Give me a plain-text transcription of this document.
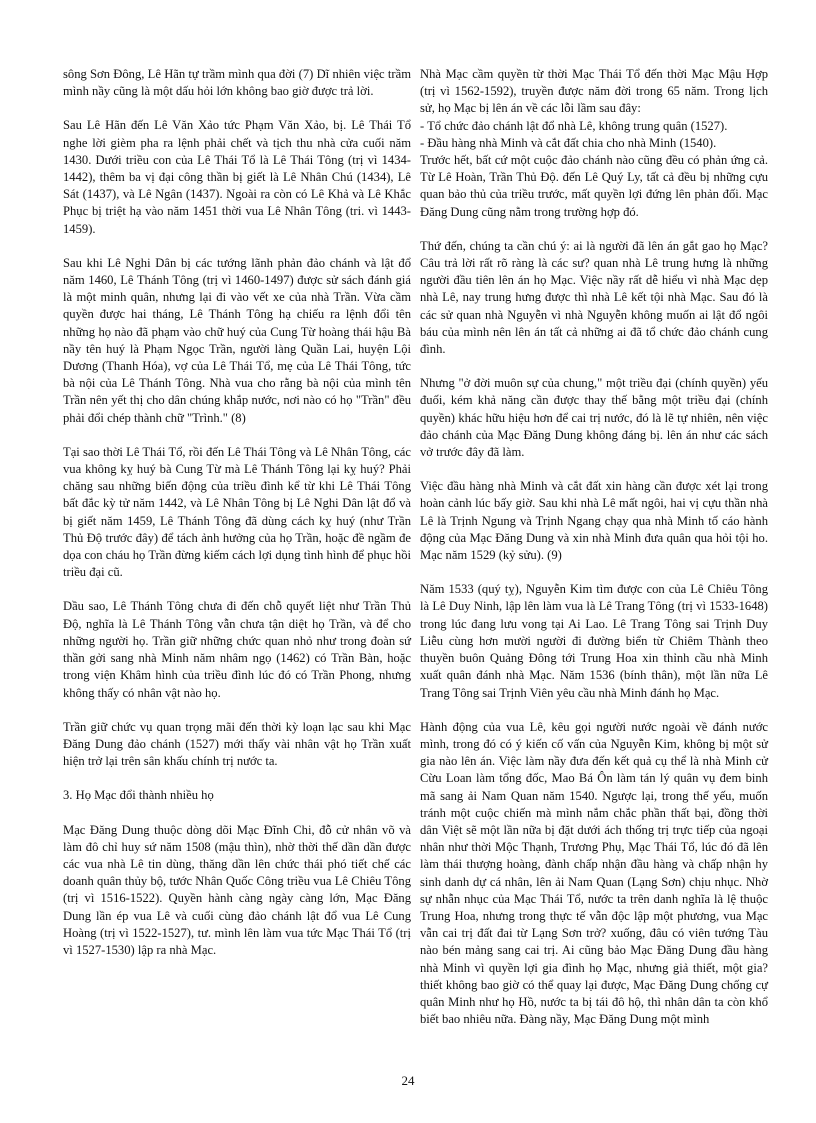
sông Sơn Đông, Lê Hãn tự trầm mình qua đời (7) Dĩ nhiên việc trầm mình nầy cũng là một dấu hỏi lớn không bao giờ được trả lời.

Sau Lê Hãn đến Lê Văn Xảo tức Phạm Văn Xảo, bị. Lê Thái Tổ nghe lời gièm pha ra lệnh phải chết và tịch thu nhà cửa cuối năm 1430. Dưới triều con của Lê Thái Tổ là Lê Thái Tông (trị vì 1434-1442), thêm ba vị đại công thần bị giết là Lê Nhân Chú (1434), Lê Sát (1437), và Lê Ngân (1437). Ngoài ra còn có Lê Khả và Lê Khắc Phục bị triệt hạ vào năm 1451 thời vua Lê Nhân Tông (tri. vì 1443-1459).

Sau khi Lê Nghi Dân bị các tướng lãnh phản đảo chánh và lật đổ năm 1460, Lê Thánh Tông (trị vì 1460-1497) được sử sách đánh giá là một minh quân, nhưng lại đi vào vết xe của nhà Trần. Vừa cầm quyền được hai tháng, Lê Thánh Tông hạ chiếu ra lệnh đổi tên những họ nào đã phạm vào chữ huý của Cung Từ hoàng thái hậu Bà nầy tên huý là Phạm Ngọc Trần, người làng Quần Lai, huyện Lội Dương (Thanh Hóa), vợ của Lê Thái Tổ, mẹ của Lê Thái Tông, tức bà nội của Lê Thánh Tông. Nhà vua cho rằng bà nội của mình tên Trần nên yết thị cho dân chúng khắp nước, nơi nào có họ "Trần" đều phải đổi chép thành chữ "Trình." (8)

Tại sao thời Lê Thái Tổ, rồi đến Lê Thái Tông và Lê Nhân Tông, các vua không kỵ huý bà Cung Từ mà Lê Thánh Tông lại kỵ huý? Phải chăng sau những biến động của triều đình kể từ khi Lê Thái Tông bất đắc kỳ tử năm 1442, và Lê Nhân Tông bị Lê Nghi Dân lật đổ và bị giết năm 1459, Lê Thánh Tông đã dùng cách kỵ huý (như Trần Thủ Độ trước đây) để tách ảnh hưởng của họ Trần, hoặc đề ngầm đe dọa con cháu họ Trần đừng kiếm cách lợi dụng tình hình để phục hồi triều đại cũ.

Dầu sao, Lê Thánh Tông chưa đi đến chỗ quyết liệt như Trần Thủ Độ, nghĩa là Lê Thánh Tông vẫn chưa tận diệt họ Trần, và để cho những người họ. Trần giữ những chức quan nhỏ như trong đoàn sứ thần gởi sang nhà Minh năm nhâm ngọ (1462) có Trần Bàn, hoặc trong viện Khâm hình của triều đình lúc đó có Trần Phong, nhưng không thấy có nhân vật nào họ.

Trần giữ chức vụ quan trọng mãi đến thời kỳ loạn lạc sau khi Mạc Đăng Dung đảo chánh (1527) mới thấy vài nhân vật họ Trần xuất hiện trở lại trên sân khấu chính trị nước ta.

3. Họ Mạc đổi thành nhiều họ

Mạc Đăng Dung thuộc dòng dõi Mạc Đĩnh Chi, đỗ cử nhân võ và làm đô chỉ huy sứ năm 1508 (mậu thìn), nhờ thời thế dần dần được các vua nhà Lê tin dùng, thăng dần lên chức thái phó tiết chế các doanh quân thủy bộ, tước Nhân Quốc Công triều vua Lê Chiêu Tông (trị vì 1516-1522). Quyền hành càng ngày càng lớn, Mạc Đăng Dung lần ép vua Lê và cuối cùng đảo chánh lật đổ vua Lê Cung Hoàng (trị vì 1522-1527), tư. mình lên làm vua tức Mạc Thái Tổ (trị vì 1527-1530) lập ra nhà Mạc.

Nhà Mạc cầm quyền từ thời Mạc Thái Tổ đến thời Mạc Mậu Hợp (trị vì 1562-1592), truyền được năm đời trong 65 năm. Trong lịch sử, họ Mạc bị lên án về các lỗi lầm sau đây:

- Tổ chức đảo chánh lật đổ nhà Lê, không trung quân (1527).

- Đầu hàng nhà Minh và cắt đất chia cho nhà Minh (1540).

Trước hết, bất cứ một cuộc đảo chánh nào cũng đều có phản ứng cả. Từ Lê Hoàn, Trần Thủ Độ. đến Lê Quý Ly, tất cả đều bị những cựu quan bảo thủ của triều trước, mất quyền lợi đứng lên phản đối. Mạc Đăng Dung cũng nằm trong trường hợp đó.

Thứ đến, chúng ta cần chú ý: ai là người đã lên án gắt gao họ Mạc? Câu trả lời rất rõ ràng là các sư? quan nhà Lê trung hưng là những người đầu tiên lên án họ Mạc. Việc nầy rất dễ hiểu vì nhà Mạc dẹp nhà Lê, nay trung hưng được thì nhà Lê kết tội nhà Mạc. Sau đó là các sử quan nhà Nguyễn vì nhà Nguyễn không muốn ai lật đổ ngôi báu của mình nên lên án tất cả những ai đã tổ chức đảo chánh cung đình.

Nhưng "ở đời muôn sự của chung," một triều đại (chính quyền) yếu đuối, kém khả năng cần được thay thế bằng một triều đại (chính quyền) khác hữu hiệu hơn để cai trị nước, đó là lẽ tự nhiên, nên việc đảo chánh của Mạc Đăng Dung không đáng bị. lên án như các sách vở trước đây đã làm.

Việc đầu hàng nhà Minh và cắt đất xin hàng cần được xét lại trong hoàn cảnh lúc bấy giờ. Sau khi nhà Lê mất ngôi, hai vị cựu thần nhà Lê là Trịnh Ngung và Trịnh Ngang chạy qua nhà Minh tố cáo hành động của Mạc Đăng Dung và xin nhà Minh đưa quân qua hỏi tội ho. Mạc năm 1529 (kỷ sửu). (9)

Năm 1533 (quý tỵ), Nguyễn Kim tìm được con của Lê Chiêu Tông là Lê Duy Ninh, lập lên làm vua là Lê Trang Tông (trị vì 1533-1648) trong lúc đang lưu vong tại Ai Lao. Lê Trang Tông sai Trịnh Duy Liễu cùng hơn mười người đi đường biển từ Chiêm Thành theo thuyền buôn Quảng Đông tới Trung Hoa xin thỉnh cầu nhà Minh xuất quân đánh nhà Mạc. Năm 1536 (bính thân), một lần nữa Lê Trang Tông sai Trịnh Viên yêu cầu nhà Minh đánh họ Mạc.

Hành động của vua Lê, kêu gọi người nước ngoài về đánh nước mình, trong đó có ý kiến cố vấn của Nguyễn Kim, không bị một sử gia nào lên án. Việc làm nầy đưa đến kết quả cụ thể là nhà Minh cử Cừu Loan làm tổng đốc, Mao Bá Ôn làm tán lý quân vụ đem binh mã sang ải Nam Quan năm 1540. Ngược lại, trong thế yếu, muốn tránh một cuộc chiến mà mình nắm chắc phần thất bại, đồng thời dân Việt sẽ một lần nữa bị đặt dưới ách thống trị trực tiếp của ngoại nhân như thời Mộc Thạnh, Trương Phụ, Mạc Thái Tổ, lúc đó đã lên làm thái thượng hoàng, đành chấp nhận đầu hàng và chấp nhận hy sinh danh dự cá nhân, lên ải Nam Quan (Lạng Sơn) chịu nhục. Nhờ sự nhẫn nhục của Mạc Thái Tổ, nước ta trên danh nghĩa là lệ thuộc Trung Hoa, nhưng trong thực tế vẫn độc lập một phương, vua Mạc vẫn cai trị đất đai từ Lạng Sơn trở? xuống, đâu có viên tướng Tàu nào bén mảng sang cai trị. Ai cũng bảo Mạc Đăng Dung đầu hàng nhà Minh vì quyền lợi gia đình họ Mạc, nhưng giả thiết, một gia? thiết không bao giờ có thể quay lại được, Mạc Đăng Dung chống cự quân Minh như họ Hồ, nước ta bị tái đô hộ, thì nhân dân ta còn khổ biết bao nhiêu nữa. Đàng nầy, Mạc Đăng Dung một mình

24
